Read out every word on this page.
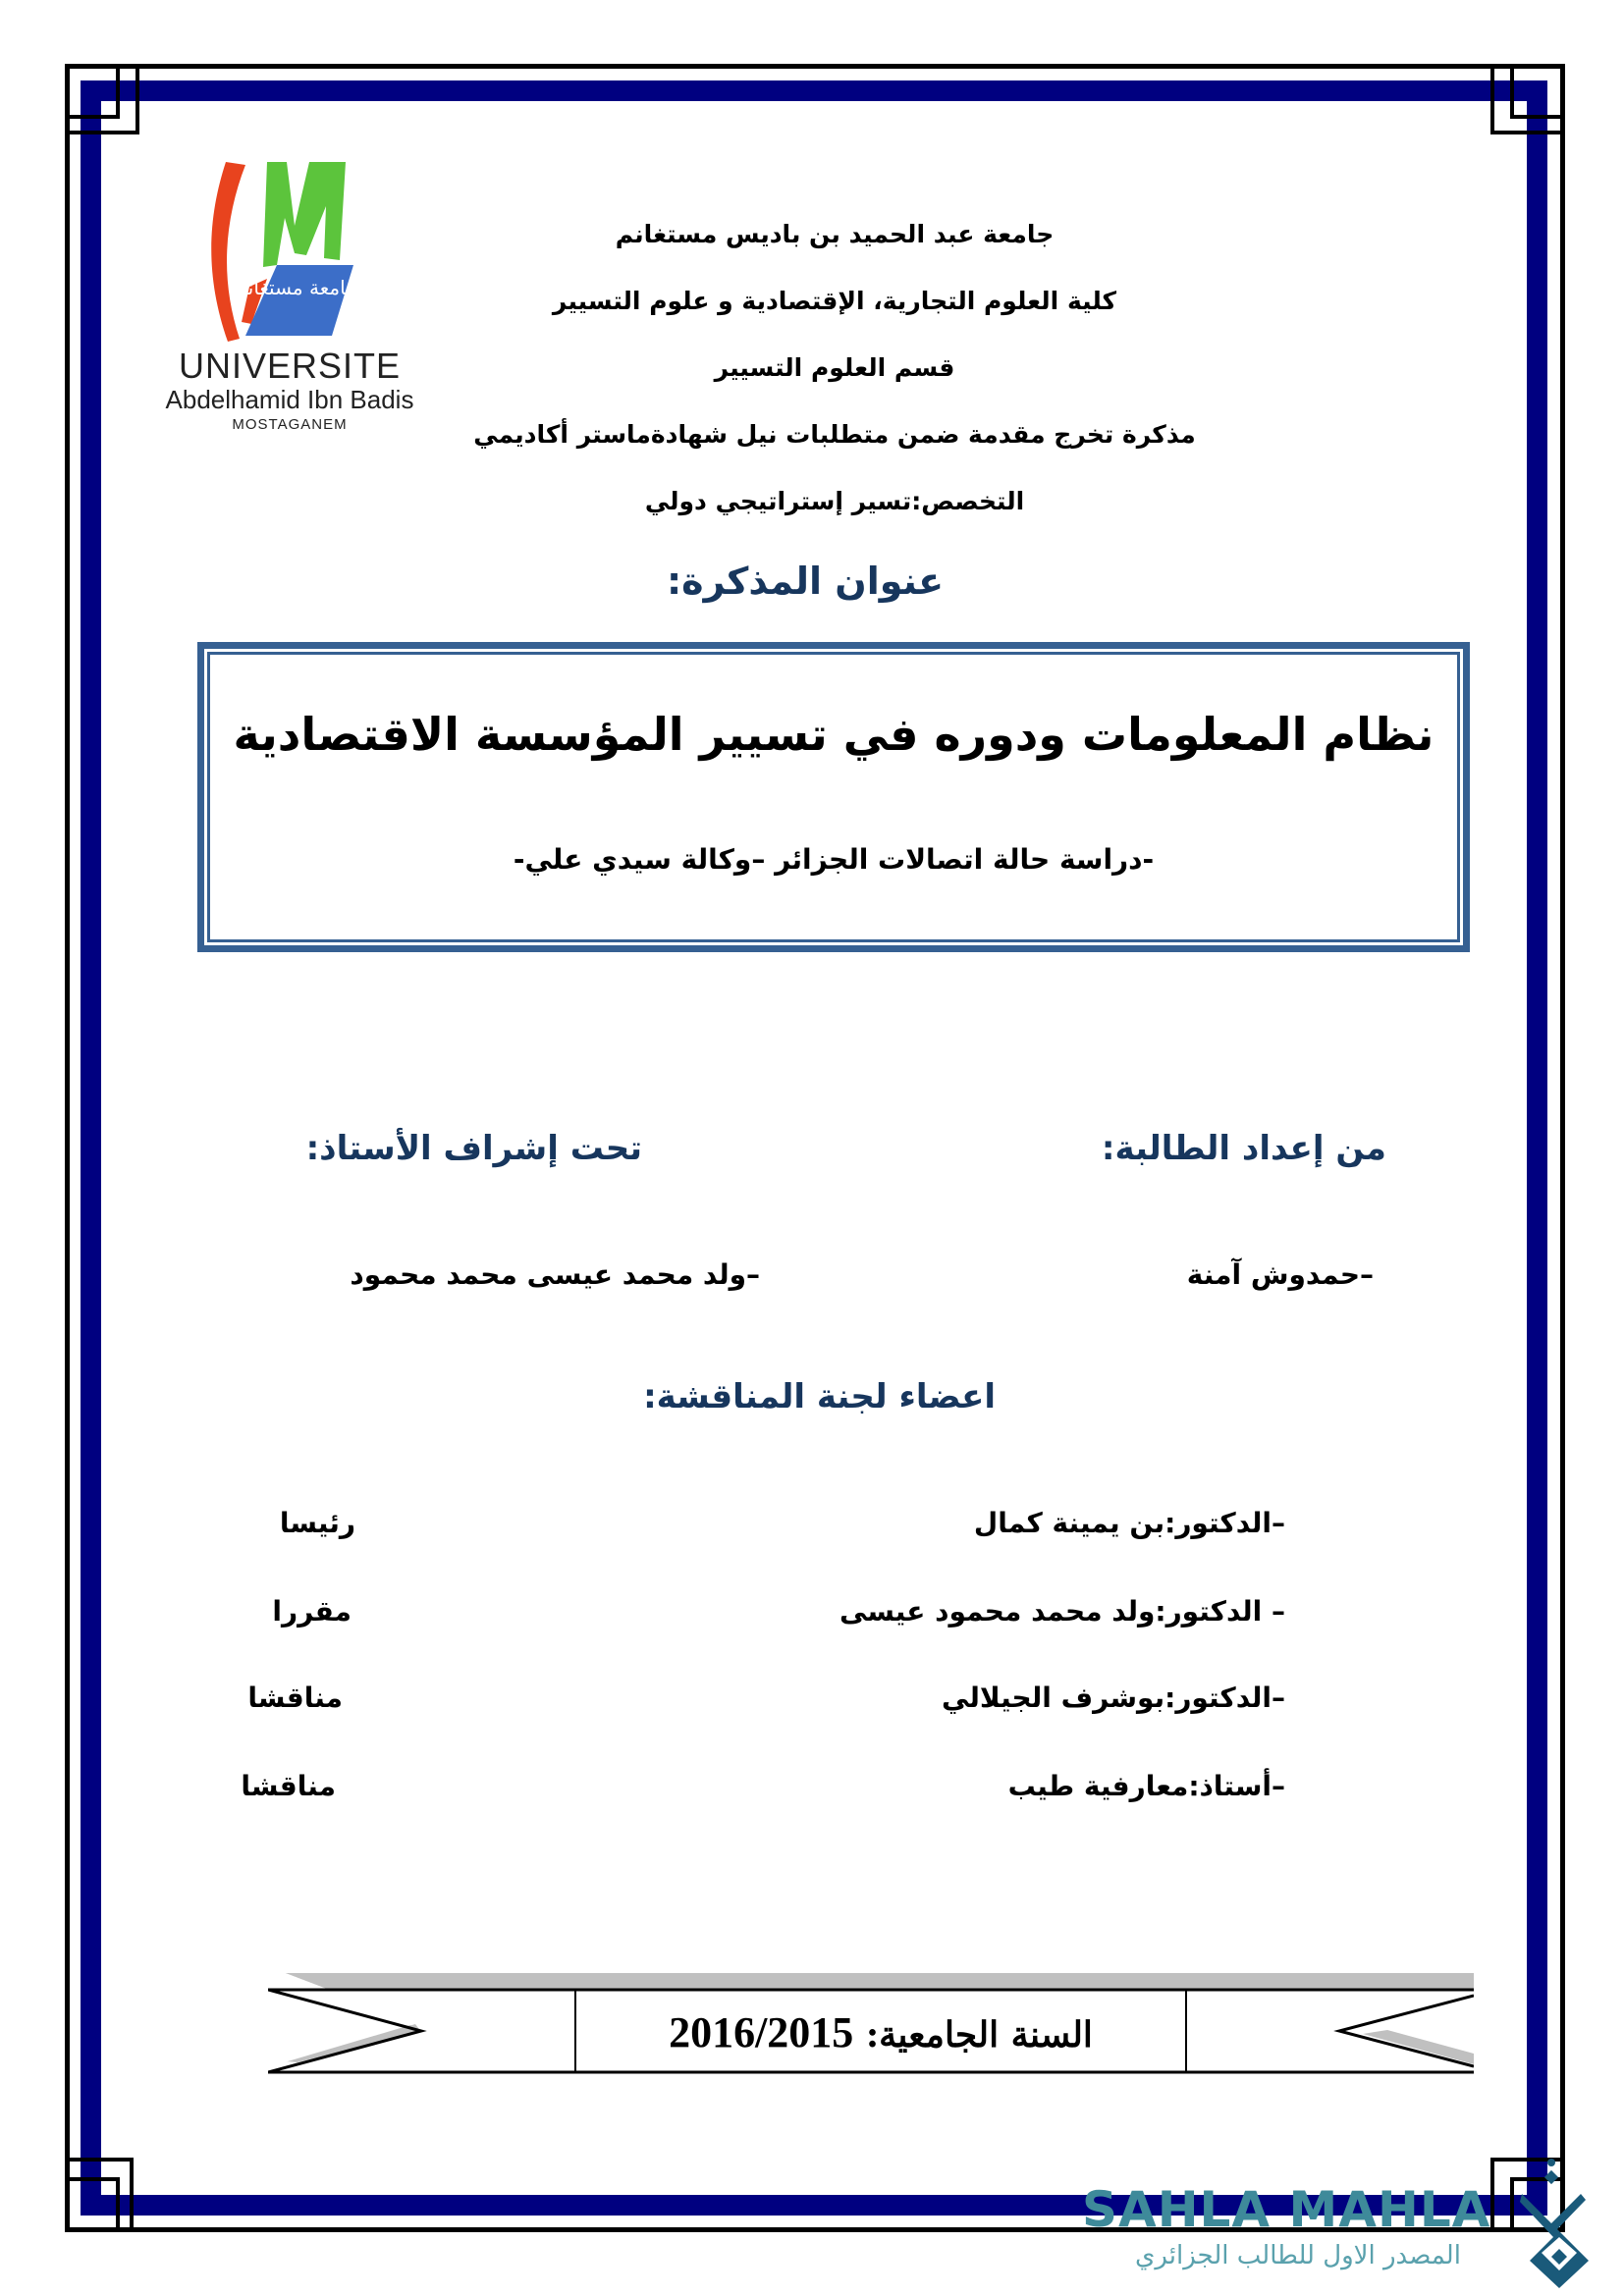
جامعة مستغانم
UNIVERSITE
Abdelhamid Ibn Badis
MOSTAGANEM
جامعة عبد الحميد بن باديس مستغانم
كلية العلوم التجارية، الإقتصادية و علوم التسيير
قسم العلوم التسيير
مذكرة تخرج مقدمة ضمن متطلبات نيل شهادةماستر أكاديمي
التخصص:تسير إستراتيجي دولي
عنوان المذكرة:
نظام المعلومات ودوره في تسيير المؤسسة الاقتصادية
-دراسة حالة اتصالات الجزائر –وكالة سيدي علي-
من إعداد الطالبة:
–حمدوش آمنة
تحت إشراف الأستاذ:
–ولد محمد عيسى محمد محمود
اعضاء لجنة المناقشة:
–الدكتور:بن يمينة كمال
رئيسا
– الدكتور:ولد محمد محمود عيسى
مقررا
–الدكتور:بوشرف الجيلالي
مناقشا
–أستاذ:معارفية طيب
مناقشا
السنة الجامعية: 2016/2015
SAHLA MAHLA
المصدر الاول للطالب الجزائري
